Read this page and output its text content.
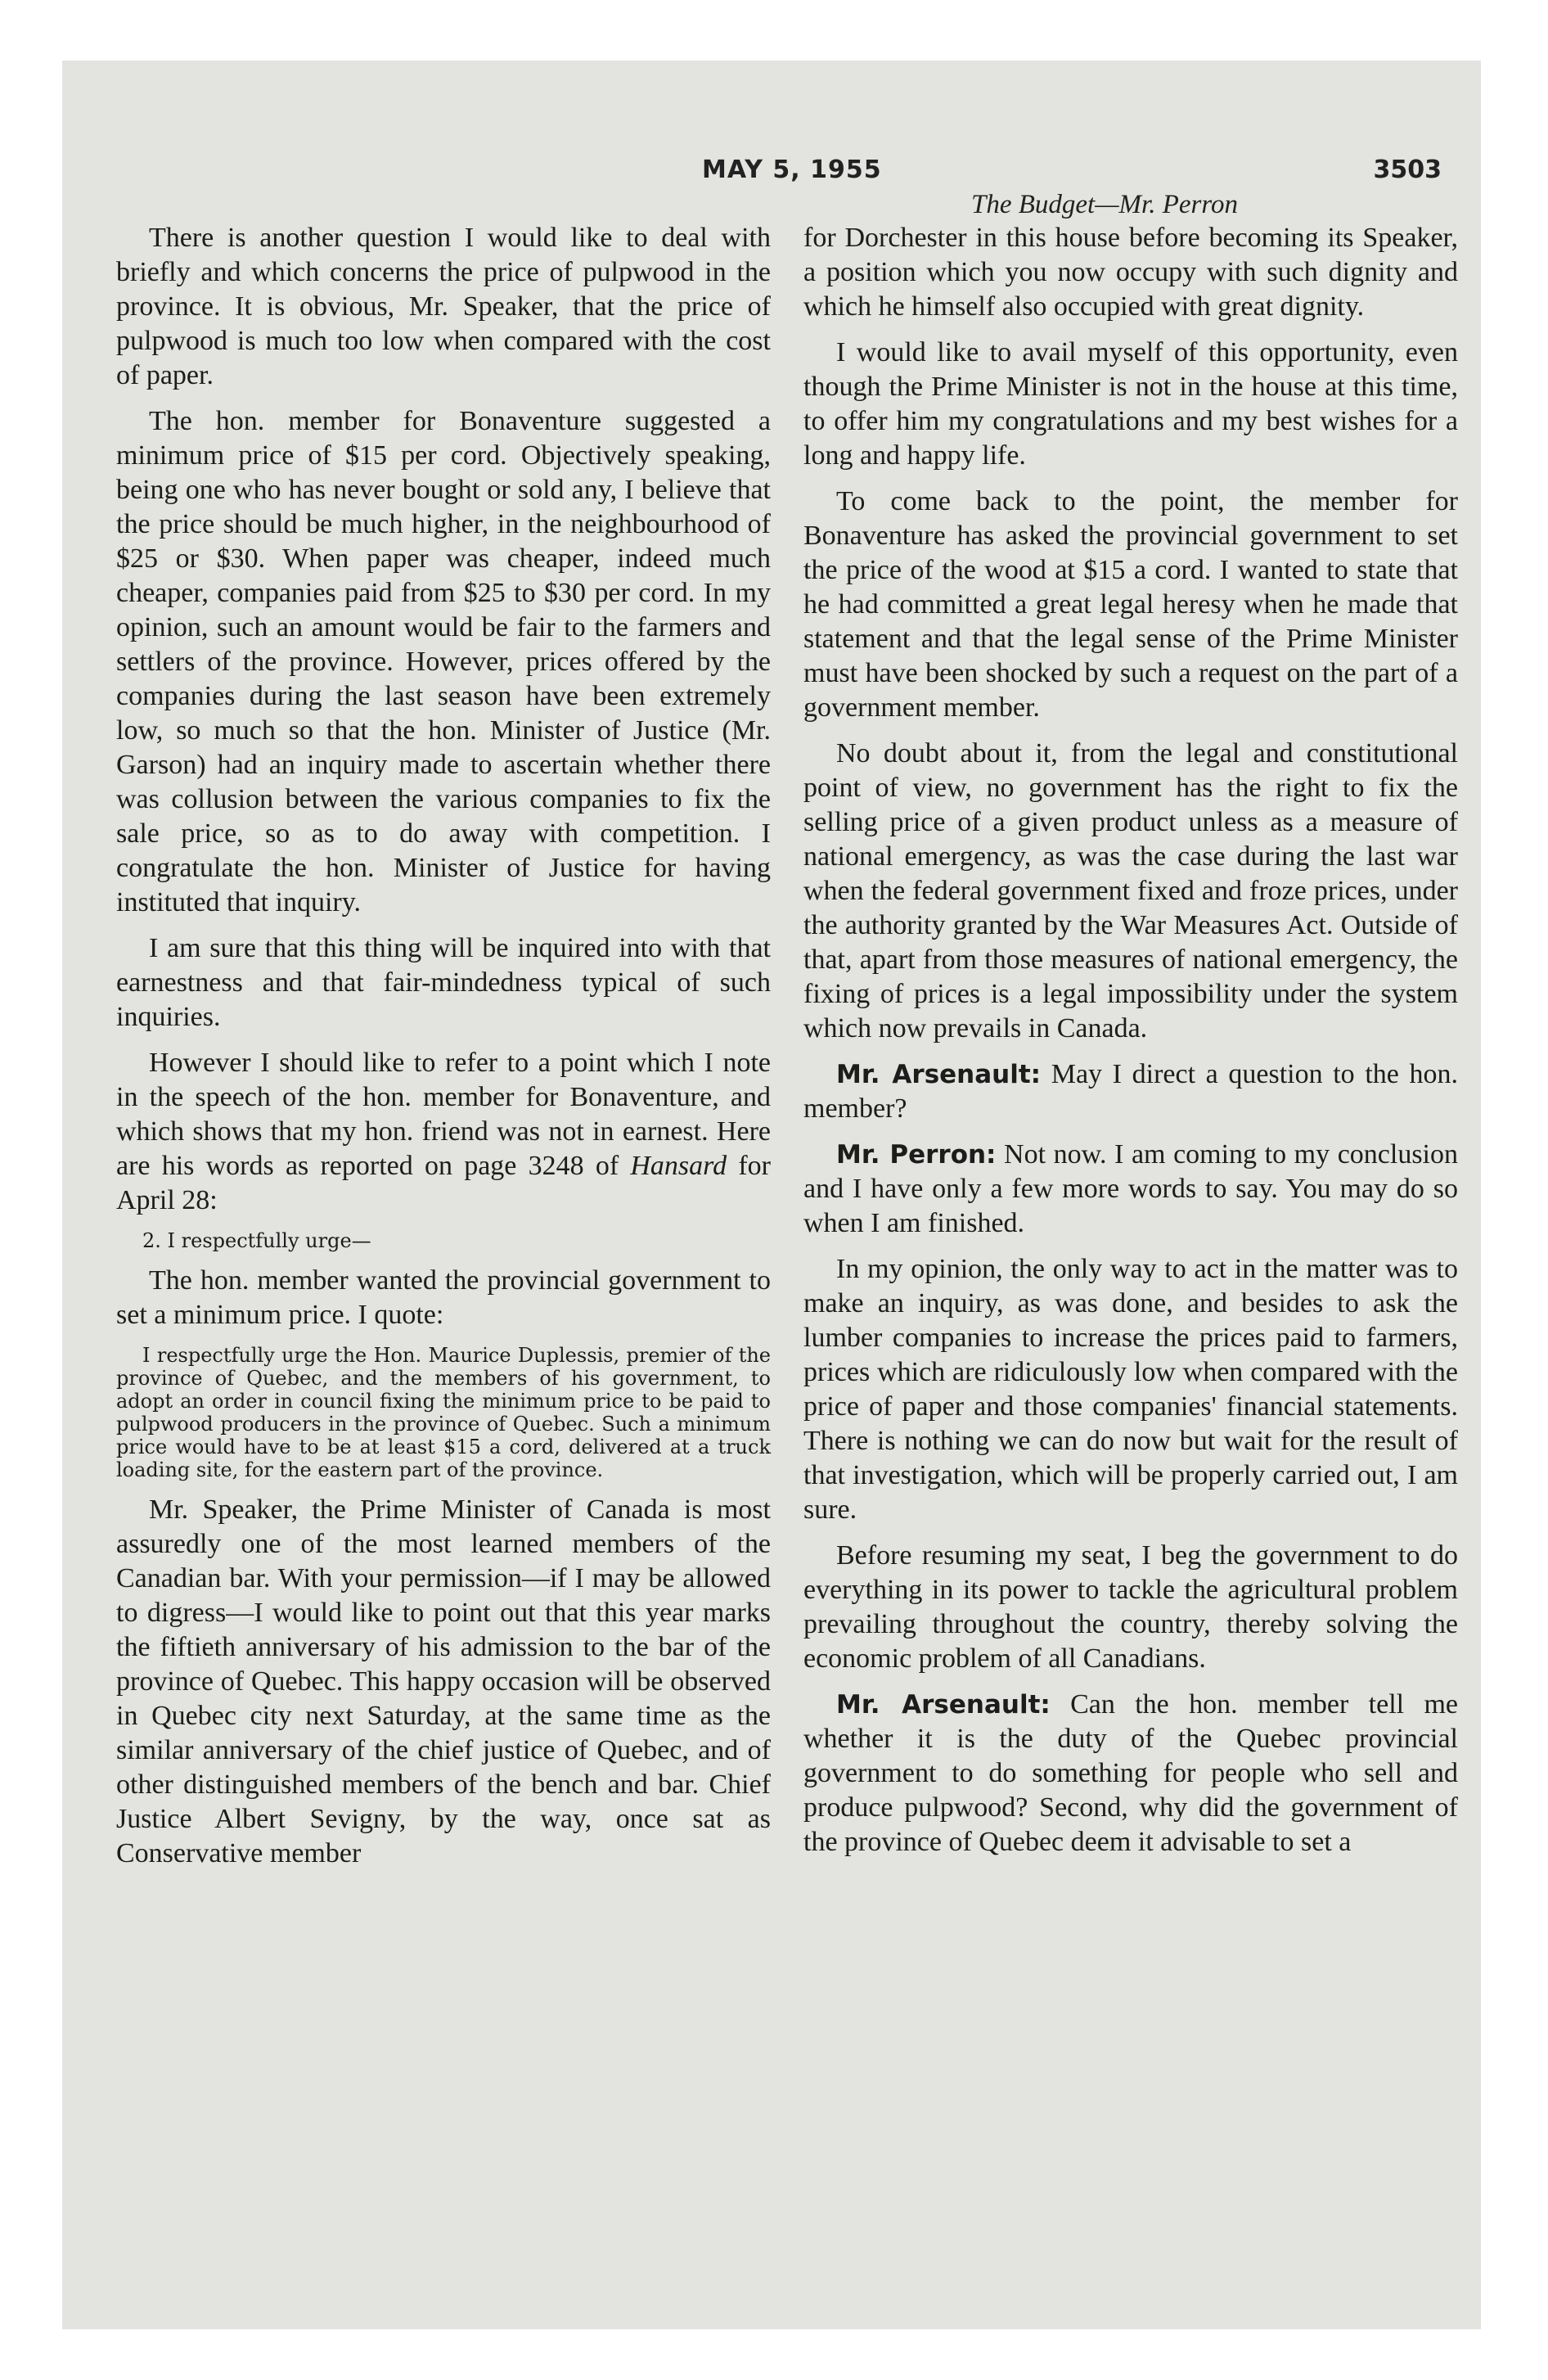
MAY 5, 1955	3503
The Budget—Mr. Perron

There is another question I would like to deal with briefly and which concerns the price of pulpwood in the province. It is obvious, Mr. Speaker, that the price of pulpwood is much too low when compared with the cost of paper.

The hon. member for Bonaventure suggested a minimum price of $15 per cord. Objectively speaking, being one who has never bought or sold any, I believe that the price should be much higher, in the neighbourhood of $25 or $30. When paper was cheaper, indeed much cheaper, companies paid from $25 to $30 per cord. In my opinion, such an amount would be fair to the farmers and settlers of the province. However, prices offered by the companies during the last season have been extremely low, so much so that the hon. Minister of Justice (Mr. Garson) had an inquiry made to ascertain whether there was collusion between the various companies to fix the sale price, so as to do away with competition. I congratulate the hon. Minister of Justice for having instituted that inquiry.

I am sure that this thing will be inquired into with that earnestness and that fair-mindedness typical of such inquiries.

However I should like to refer to a point which I note in the speech of the hon. member for Bonaventure, and which shows that my hon. friend was not in earnest. Here are his words as reported on page 3248 of Hansard for April 28:

2. I respectfully urge—

The hon. member wanted the provincial government to set a minimum price. I quote:

I respectfully urge the Hon. Maurice Duplessis, premier of the province of Quebec, and the members of his government, to adopt an order in council fixing the minimum price to be paid to pulpwood producers in the province of Quebec. Such a minimum price would have to be at least $15 a cord, delivered at a truck loading site, for the eastern part of the province.

Mr. Speaker, the Prime Minister of Canada is most assuredly one of the most learned members of the Canadian bar. With your permission—if I may be allowed to digress—I would like to point out that this year marks the fiftieth anniversary of his admission to the bar of the province of Quebec. This happy occasion will be observed in Quebec city next Saturday, at the same time as the similar anniversary of the chief justice of Quebec, and of other distinguished members of the bench and bar. Chief Justice Albert Sevigny, by the way, once sat as Conservative member

for Dorchester in this house before becoming its Speaker, a position which you now occupy with such dignity and which he himself also occupied with great dignity.

I would like to avail myself of this opportunity, even though the Prime Minister is not in the house at this time, to offer him my congratulations and my best wishes for a long and happy life.

To come back to the point, the member for Bonaventure has asked the provincial government to set the price of the wood at $15 a cord. I wanted to state that he had committed a great legal heresy when he made that statement and that the legal sense of the Prime Minister must have been shocked by such a request on the part of a government member.

No doubt about it, from the legal and constitutional point of view, no government has the right to fix the selling price of a given product unless as a measure of national emergency, as was the case during the last war when the federal government fixed and froze prices, under the authority granted by the War Measures Act. Outside of that, apart from those measures of national emergency, the fixing of prices is a legal impossibility under the system which now prevails in Canada.

Mr. Arsenault: May I direct a question to the hon. member?

Mr. Perron: Not now. I am coming to my conclusion and I have only a few more words to say. You may do so when I am finished.

In my opinion, the only way to act in the matter was to make an inquiry, as was done, and besides to ask the lumber companies to increase the prices paid to farmers, prices which are ridiculously low when compared with the price of paper and those companies' financial statements. There is nothing we can do now but wait for the result of that investigation, which will be properly carried out, I am sure.

Before resuming my seat, I beg the government to do everything in its power to tackle the agricultural problem prevailing throughout the country, thereby solving the economic problem of all Canadians.

Mr. Arsenault: Can the hon. member tell me whether it is the duty of the Quebec provincial government to do something for people who sell and produce pulpwood? Second, why did the government of the province of Quebec deem it advisable to set a
